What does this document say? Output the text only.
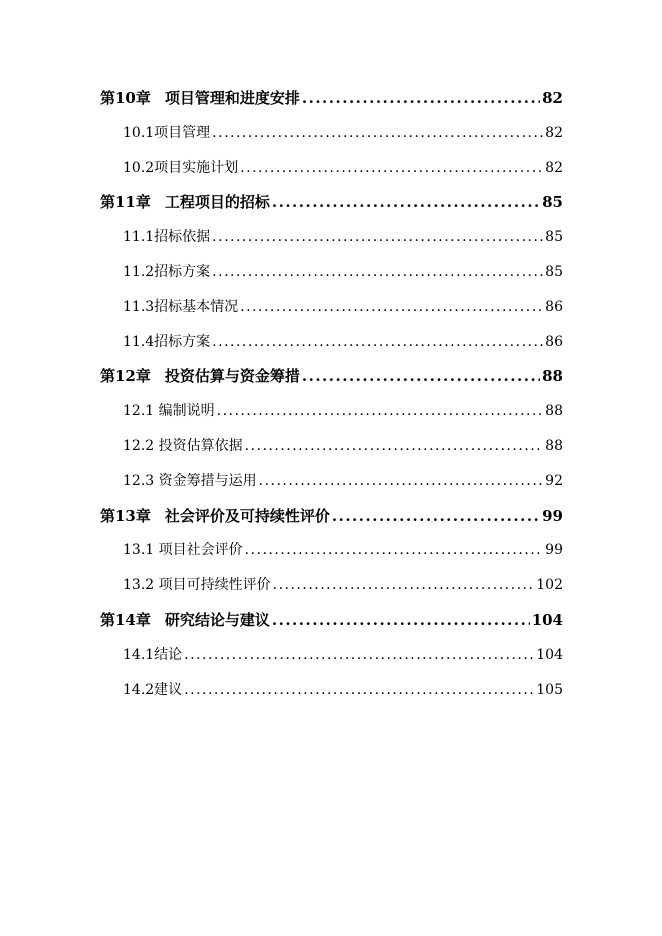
第10章 项目管理和进度安排 .....	82
10.1项目管理 .....	82
10.2项目实施计划 .....	82
第11章 工程项目的招标 .....	85
11.1招标依据 .....	85
11.2招标方案 .....	85
11.3招标基本情况 .....	86
11.4招标方案 .....	86
第12章 投资估算与资金筹措 .....	88
12.1 编制说明 .....	88
12.2 投资估算依据 .....	88
12.3 资金筹措与运用 .....	92
第13章 社会评价及可持续性评价 .....	99
13.1 项目社会评价 .....	99
13.2 项目可持续性评价 .....	102
第14章 研究结论与建议 .....	104
14.1结论 .....	104
14.2建议 .....	105
